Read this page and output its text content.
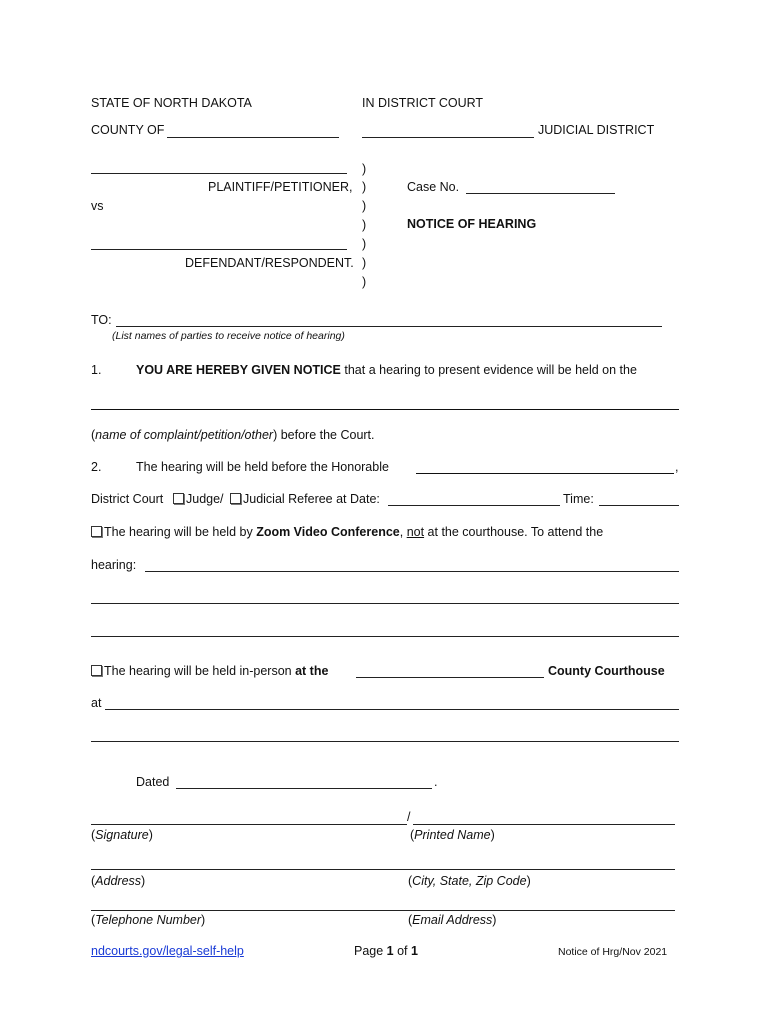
STATE OF NORTH DAKOTA	IN DISTRICT COURT
COUNTY OF	JUDICIAL DISTRICT
PLAINTIFF/PETITIONER,
vs
DEFENDANT/RESPONDENT.
)
)
)
)
)
)
)
Case No.
NOTICE OF HEARING
TO:
(List names of parties to receive notice of hearing)
1.	YOU ARE HEREBY GIVEN NOTICE that a hearing to present evidence will be held on the
(name of complaint/petition/other) before the Court.
2.	The hearing will be held before the Honorable	,
District Court	Judge/	Judicial Referee at Date:	Time:
The hearing will be held by Zoom Video Conference, not at the courthouse. To attend the
hearing:
The hearing will be held in-person at the	County Courthouse
at
Dated	.
/
(Signature)	(Printed Name)
(Address)	(City, State, Zip Code)
(Telephone Number)	(Email Address)
ndcourts.gov/legal-self-help	Page 1 of 1	Notice of Hrg/Nov 2021
